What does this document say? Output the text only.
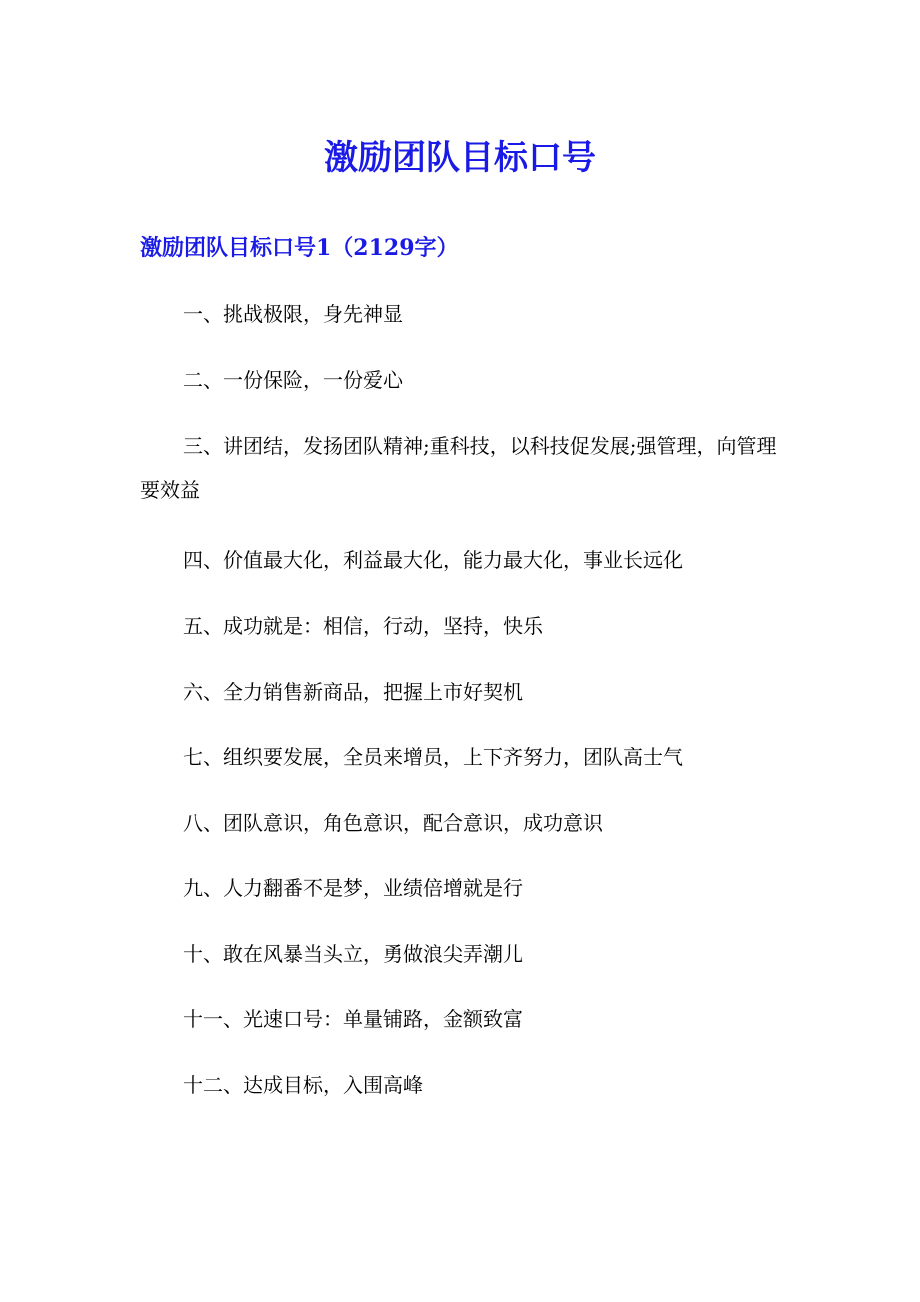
激励团队目标口号
激励团队目标口号1（2129字）
一、挑战极限，身先神显
二、一份保险，一份爱心
三、讲团结，发扬团队精神;重科技，以科技促发展;强管理，向管理要效益
四、价值最大化，利益最大化，能力最大化，事业长远化
五、成功就是：相信，行动，坚持，快乐
六、全力销售新商品，把握上市好契机
七、组织要发展，全员来增员，上下齐努力，团队高士气
八、团队意识，角色意识，配合意识，成功意识
九、人力翻番不是梦，业绩倍增就是行
十、敢在风暴当头立，勇做浪尖弄潮儿
十一、光速口号：单量铺路，金额致富
十二、达成目标，入围高峰
